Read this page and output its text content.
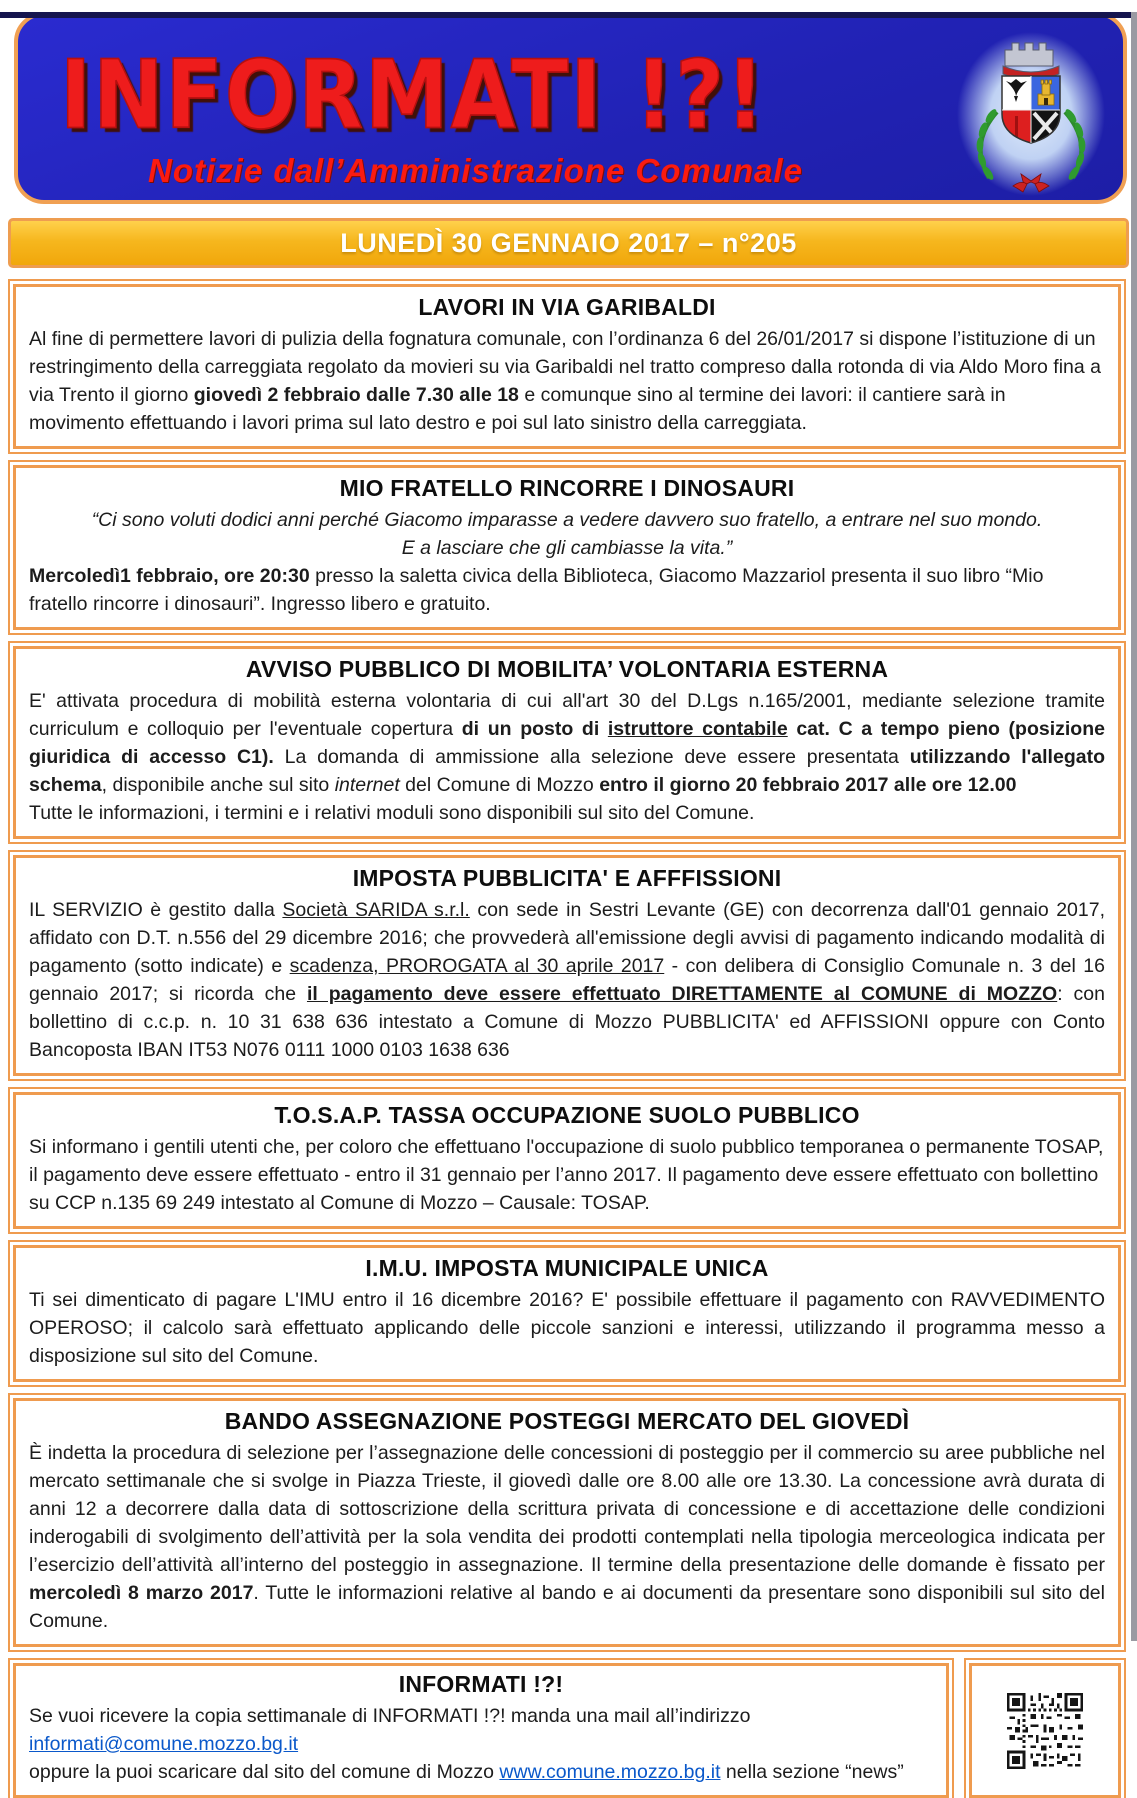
INFORMATI !?!
Notizie dall’Amministrazione Comunale
LUNEDÌ 30 GENNAIO 2017 – n°205
LAVORI IN VIA GARIBALDI

Al fine di permettere lavori di pulizia della fognatura comunale, con l’ordinanza 6 del 26/01/2017 si dispone l’istituzione di un restringimento della carreggiata regolato da movieri su via Garibaldi nel tratto compreso dalla rotonda di via Aldo Moro fina a via Trento il giorno giovedì 2 febbraio dalle 7.30 alle 18 e comunque sino al termine dei lavori: il cantiere sarà in movimento effettuando i lavori prima sul lato destro e poi sul lato sinistro della carreggiata.

MIO FRATELLO RINCORRE I DINOSAURI

“Ci sono voluti dodici anni perché Giacomo imparasse a vedere davvero suo fratello, a entrare nel suo mondo.

E a lasciare che gli cambiasse la vita.”

Mercoledì1 febbraio, ore 20:30 presso la saletta civica della Biblioteca, Giacomo Mazzariol presenta il suo libro “Mio fratello rincorre i dinosauri”. Ingresso libero e gratuito.

AVVISO PUBBLICO DI MOBILITA’ VOLONTARIA ESTERNA

E' attivata procedura di mobilità esterna volontaria di cui all'art 30 del D.Lgs n.165/2001, mediante selezione tramite curriculum e colloquio per l'eventuale copertura di un posto di istruttore contabile cat. C a tempo pieno (posizione giuridica di accesso C1). La domanda di ammissione alla selezione deve essere presentata utilizzando l'allegato schema, disponibile anche sul sito internet del Comune di Mozzo entro il giorno 20 febbraio 2017 alle ore 12.00

Tutte le informazioni, i termini e i relativi moduli sono disponibili sul sito del Comune.

IMPOSTA PUBBLICITA' E AFFFISSIONI

IL SERVIZIO è gestito dalla Società SARIDA s.r.l. con sede in Sestri Levante (GE) con decorrenza dall'01 gennaio 2017, affidato con D.T. n.556 del 29 dicembre 2016; che provvederà all'emissione degli avvisi di pagamento indicando modalità di pagamento (sotto indicate) e scadenza, PROROGATA al 30 aprile 2017 - con delibera di Consiglio Comunale n. 3 del 16 gennaio 2017; si ricorda che il pagamento deve essere effettuato DIRETTAMENTE al COMUNE di MOZZO: con bollettino di c.c.p. n. 10 31 638 636 intestato a Comune di Mozzo PUBBLICITA' ed AFFISSIONI oppure con Conto Bancoposta IBAN IT53 N076 0111 1000 0103 1638 636

T.O.S.A.P. TASSA OCCUPAZIONE SUOLO PUBBLICO

Si informano i gentili utenti che, per coloro che effettuano l'occupazione di suolo pubblico temporanea o permanente TOSAP, il pagamento deve essere effettuato - entro il 31 gennaio per l’anno 2017. Il pagamento deve essere effettuato con bollettino su CCP n.135 69 249 intestato al Comune di Mozzo – Causale: TOSAP.

I.M.U. IMPOSTA MUNICIPALE UNICA

Ti sei dimenticato di pagare L'IMU entro il 16 dicembre 2016? E' possibile effettuare il pagamento con RAVVEDIMENTO OPEROSO; il calcolo sarà effettuato applicando delle piccole sanzioni e interessi, utilizzando il programma messo a disposizione sul sito del Comune.

BANDO ASSEGNAZIONE POSTEGGI MERCATO DEL GIOVEDÌ

È indetta la procedura di selezione per l’assegnazione delle concessioni di posteggio per il commercio su aree pubbliche nel mercato settimanale che si svolge in Piazza Trieste, il giovedì dalle ore 8.00 alle ore 13.30. La concessione avrà durata di anni 12 a decorrere dalla data di sottoscrizione della scrittura privata di concessione e di accettazione delle condizioni inderogabili di svolgimento dell’attività per la sola vendita dei prodotti contemplati nella tipologia merceologica indicata per l’esercizio dell’attività all’interno del posteggio in assegnazione. Il termine della presentazione delle domande è fissato per mercoledì 8 marzo 2017. Tutte le informazioni relative al bando e ai documenti da presentare sono disponibili sul sito del Comune.

INFORMATI !?!

Se vuoi ricevere la copia settimanale di INFORMATI !?! manda una mail all’indirizzo informati@comune.mozzo.bg.it

oppure la puoi scaricare dal sito del comune di Mozzo www.comune.mozzo.bg.it nella sezione “news”
